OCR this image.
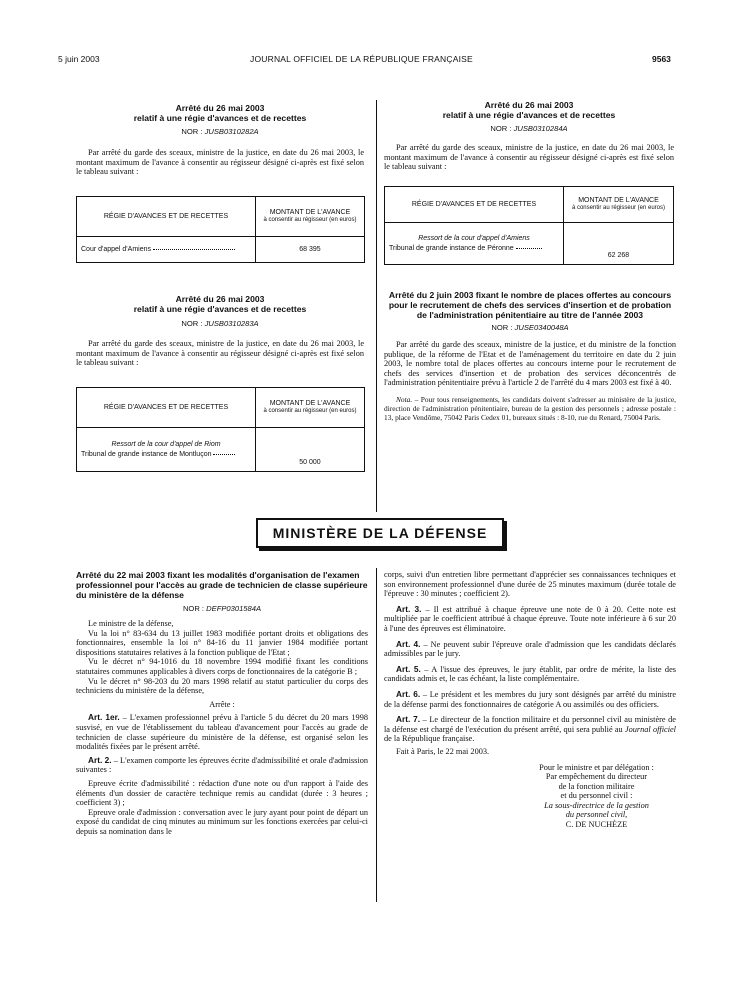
5 juin 2003	JOURNAL OFFICIEL DE LA RÉPUBLIQUE FRANÇAISE	9563
Arrêté du 26 mai 2003
relatif à une régie d'avances et de recettes
NOR : JUSB0310282A

Par arrêté du garde des sceaux, ministre de la justice, en date du 26 mai 2003, le montant maximum de l'avance à consentir au régisseur désigné ci-après est fixé selon le tableau suivant :

RÉGIE D'AVANCES ET DE RECETTES	MONTANT DE L'AVANCE
à consentir au régisseur (en euros)
Cour d'appel d'Amiens	68 395
Arrêté du 26 mai 2003
relatif à une régie d'avances et de recettes
NOR : JUSB0310283A

Par arrêté du garde des sceaux, ministre de la justice, en date du 26 mai 2003, le montant maximum de l'avance à consentir au régisseur désigné ci-après est fixé selon le tableau suivant :

RÉGIE D'AVANCES ET DE RECETTES	MONTANT DE L'AVANCE
à consentir au régisseur (en euros)

Ressort de la cour d'appel de Riom
Tribunal de grande instance de Montluçon	50 000
Arrêté du 26 mai 2003
relatif à une régie d'avances et de recettes
NOR : JUSB0310284A

Par arrêté du garde des sceaux, ministre de la justice, en date du 26 mai 2003, le montant maximum de l'avance à consentir au régisseur désigné ci-après est fixé selon le tableau suivant :

RÉGIE D'AVANCES ET DE RECETTES	MONTANT DE L'AVANCE
à consentir au régisseur (en euros)

Ressort de la cour d'appel d'Amiens
Tribunal de grande instance de Péronne	62 268
Arrêté du 2 juin 2003 fixant le nombre de places offertes au concours pour le recrutement de chefs des services d'insertion et de probation de l'administration pénitentiaire au titre de l'année 2003
NOR : JUSE0340048A

Par arrêté du garde des sceaux, ministre de la justice, et du ministre de la fonction publique, de la réforme de l'Etat et de l'aménagement du territoire en date du 2 juin 2003, le nombre total de places offertes au concours interne pour le recrutement de chefs des services d'insertion et de probation des services déconcentrés de l'administration pénitentiaire prévu à l'article 2 de l'arrêté du 4 mars 2003 est fixé à 40.

Nota. – Pour tous renseignements, les candidats doivent s'adresser au ministère de la justice, direction de l'administration pénitentiaire, bureau de la gestion des personnels ; adresse postale : 13, place Vendôme, 75042 Paris Cedex 01, bureaux situés : 8-10, rue du Renard, 75004 Paris.

MINISTÈRE DE LA DÉFENSE
Arrêté du 22 mai 2003 fixant les modalités d'organisation de l'examen professionnel pour l'accès au grade de technicien de classe supérieure du ministère de la défense
NOR : DEFP0301584A

Le ministre de la défense,

Vu la loi n° 83-634 du 13 juillet 1983 modifiée portant droits et obligations des fonctionnaires, ensemble la loi n° 84-16 du 11 janvier 1984 modifiée portant dispositions statutaires relatives à la fonction publique de l'Etat ;

Vu le décret n° 94-1016 du 18 novembre 1994 modifié fixant les conditions statutaires communes applicables à divers corps de fonctionnaires de la catégorie B ;

Vu le décret n° 98-203 du 20 mars 1998 relatif au statut particulier du corps des techniciens du ministère de la défense,

Arrête :

Art. 1er. – L'examen professionnel prévu à l'article 5 du décret du 20 mars 1998 susvisé, en vue de l'établissement du tableau d'avancement pour l'accès au grade de technicien de classe supérieure du ministère de la défense, est organisé selon les modalités fixées par le présent arrêté.

Art. 2. – L'examen comporte les épreuves écrite d'admissibilité et orale d'admission suivantes :

Epreuve écrite d'admissibilité : rédaction d'une note ou d'un rapport à l'aide des éléments d'un dossier de caractère technique remis au candidat (durée : 3 heures ; coefficient 3) ;

Epreuve orale d'admission : conversation avec le jury ayant pour point de départ un exposé du candidat de cinq minutes au minimum sur les fonctions exercées par celui-ci depuis sa nomination dans le

corps, suivi d'un entretien libre permettant d'apprécier ses connaissances techniques et son environnement professionnel d'une durée de 25 minutes maximum (durée totale de l'épreuve : 30 minutes ; coefficient 2).

Art. 3. – Il est attribué à chaque épreuve une note de 0 à 20. Cette note est multipliée par le coefficient attribué à chaque épreuve. Toute note inférieure à 6 sur 20 à l'une des épreuves est éliminatoire.

Art. 4. – Ne peuvent subir l'épreuve orale d'admission que les candidats déclarés admissibles par le jury.

Art. 5. – A l'issue des épreuves, le jury établit, par ordre de mérite, la liste des candidats admis et, le cas échéant, la liste complémentaire.

Art. 6. – Le président et les membres du jury sont désignés par arrêté du ministre de la défense parmi des fonctionnaires de catégorie A ou assimilés ou des officiers.

Art. 7. – Le directeur de la fonction militaire et du personnel civil au ministère de la défense est chargé de l'exécution du présent arrêté, qui sera publié au Journal officiel de la République française.

Fait à Paris, le 22 mai 2003.

Pour le ministre et par délégation :
Par empêchement du directeur
de la fonction militaire
et du personnel civil :
La sous-directrice de la gestion
du personnel civil,
C. DE NUCHÈZE
